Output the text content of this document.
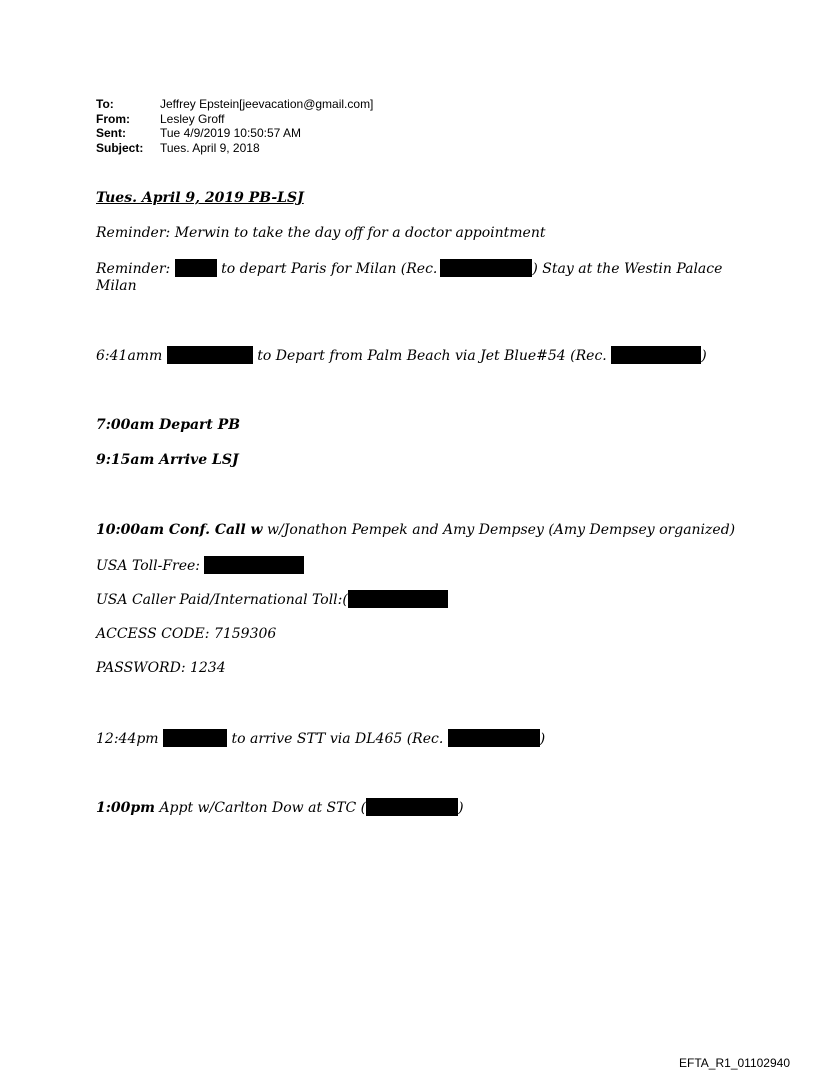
To:	Jeffrey Epstein[jeevacation@gmail.com]
From:	Lesley Groff
Sent:	Tue 4/9/2019 10:50:57 AM
Subject:	Tues. April 9, 2018
Tues. April 9, 2019 PB-LSJ
Reminder: Merwin to take the day off for a doctor appointment
Reminder:	to depart Paris for Milan (Rec.	) Stay at the Westin Palace
Milan
6:41amm	to Depart from Palm Beach via Jet Blue#54 (Rec.	)
7:00am Depart PB
9:15am Arrive LSJ
10:00am Conf. Call w w/Jonathon Pempek and Amy Dempsey (Amy Dempsey organized)
USA Toll-Free:
USA Caller Paid/International Toll:(
ACCESS CODE: 7159306
PASSWORD: 1234
12:44pm	to arrive STT via DL465 (Rec.	)
1:00pm Appt w/Carlton Dow at STC (	)
EFTA_R1_01102940
